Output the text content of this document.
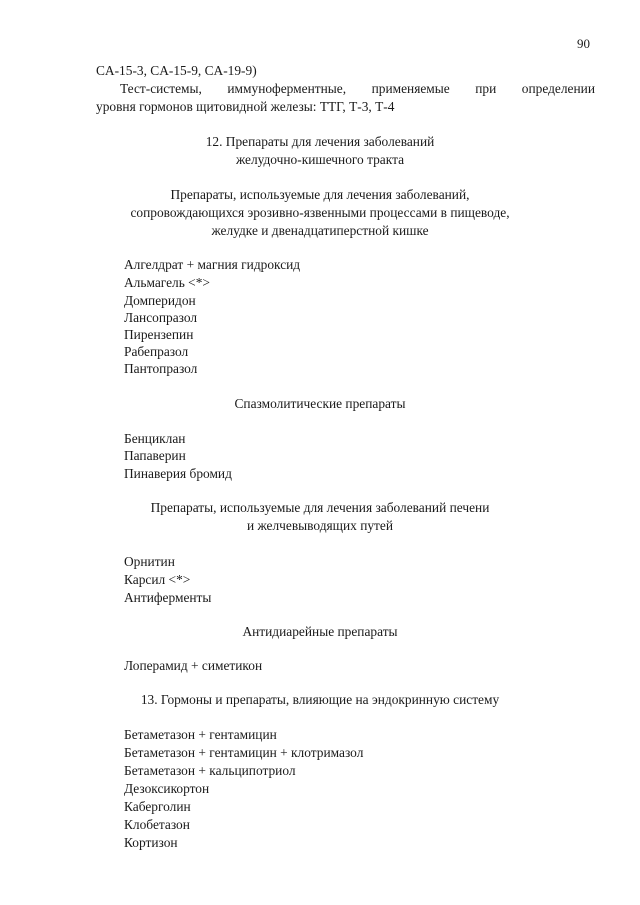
90
CA-15-3, CA-15-9, CA-19-9)
Тест-системы, иммуноферментные, применяемые при определении
уровня гормонов щитовидной железы: ТТГ, Т-3, Т-4
12. Препараты для лечения заболеваний
желудочно-кишечного тракта
Препараты, используемые для лечения заболеваний,
сопровождающихся эрозивно-язвенными процессами в пищеводе,
желудке и двенадцатиперстной кишке
Алгелдрат + магния гидроксид
Альмагель <*>
Домперидон
Лансопразол
Пирензепин
Рабепразол
Пантопразол
Спазмолитические препараты
Бенциклан
Папаверин
Пинаверия бромид
Препараты, используемые для лечения заболеваний печени
и желчевыводящих путей
Орнитин
Карсил <*>
Антиферменты
Антидиарейные препараты
Лоперамид + симетикон
13. Гормоны и препараты, влияющие на эндокринную систему
Бетаметазон + гентамицин
Бетаметазон + гентамицин + клотримазол
Бетаметазон + кальципотриол
Дезоксикортон
Каберголин
Клобетазон
Кортизон
